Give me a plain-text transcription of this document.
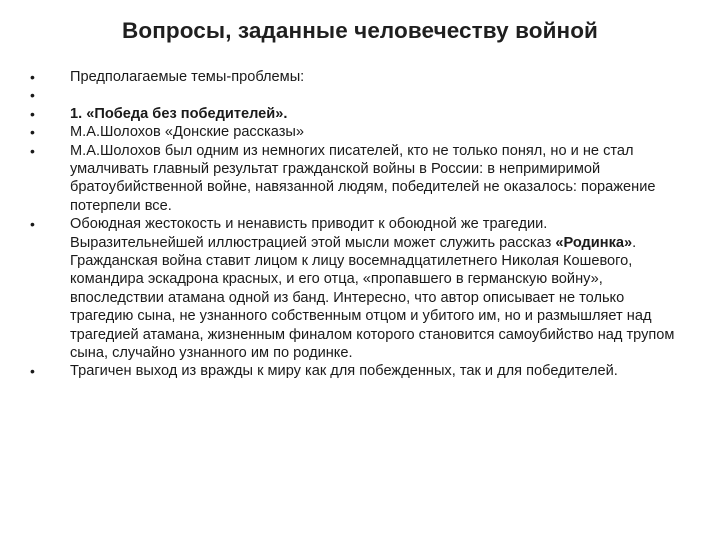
Вопросы, заданные человечеству войной
•	Предполагаемые темы-проблемы:
•
•	1. «Победа без победителей».
•	М.А.Шолохов «Донские рассказы»
•	М.А.Шолохов был одним из немногих писателей, кто не только понял, но и не стал умалчивать главный результат гражданской войны в России: в непримиримой братоубийственной войне, навязанной людям, победителей не оказалось: поражение потерпели все.
•	Обоюдная жестокость и ненависть приводит к обоюдной же трагедии. Выразительнейшей иллюстрацией этой мысли может служить рассказ «Родинка». Гражданская война ставит лицом к лицу восемнадцатилетнего Николая Кошевого, командира эскадрона красных, и его отца, «пропавшего в германскую войну», впоследствии атамана одной из банд. Интересно, что автор описывает не только трагедию сына, не узнанного собственным отцом и убитого им, но и размышляет над трагедией атамана, жизненным финалом которого становится самоубийство над трупом сына, случайно узнанного им по родинке.
•	Трагичен выход из вражды к миру как для побежденных, так и для победителей.
